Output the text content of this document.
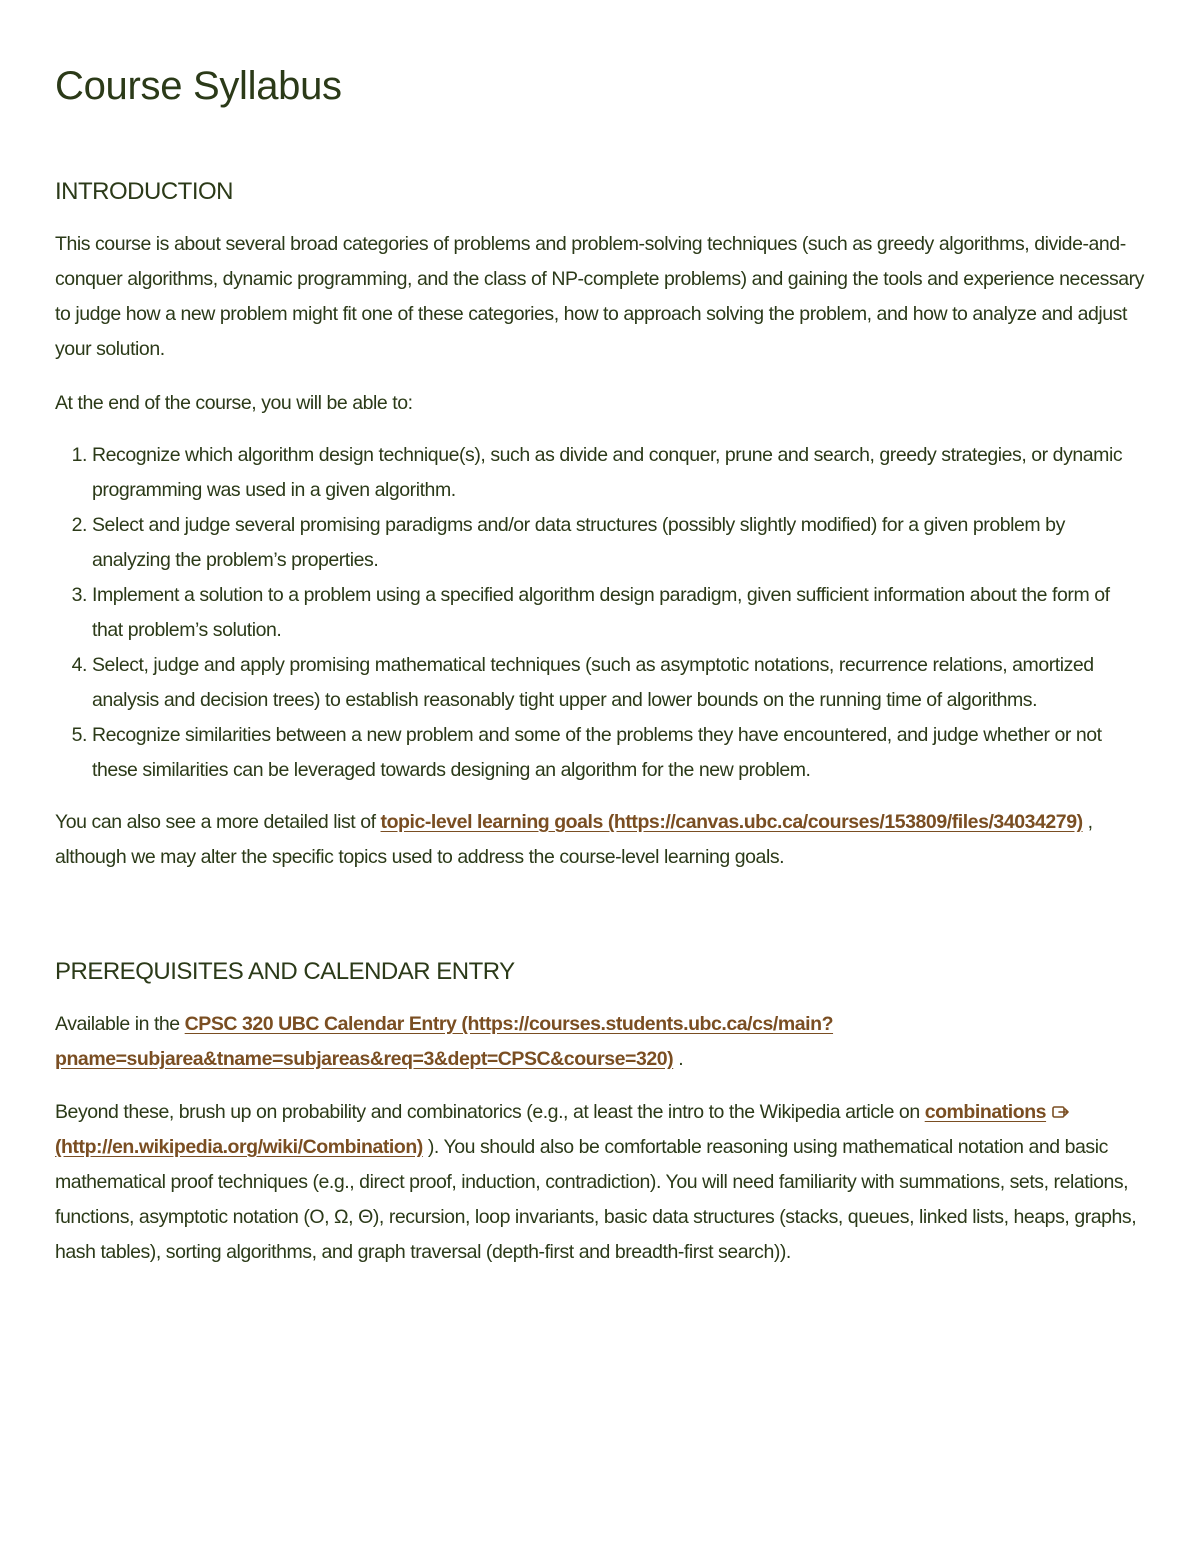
Course Syllabus
INTRODUCTION

This course is about several broad categories of problems and problem-solving techniques (such as greedy algorithms, divide-and-conquer algorithms, dynamic programming, and the class of NP-complete problems) and gaining the tools and experience necessary to judge how a new problem might fit one of these categories, how to approach solving the problem, and how to analyze and adjust your solution.

At the end of the course, you will be able to:

1. Recognize which algorithm design technique(s), such as divide and conquer, prune and search, greedy strategies, or dynamic programming was used in a given algorithm.
2. Select and judge several promising paradigms and/or data structures (possibly slightly modified) for a given problem by analyzing the problem’s properties.
3. Implement a solution to a problem using a specified algorithm design paradigm, given sufficient information about the form of that problem’s solution.
4. Select, judge and apply promising mathematical techniques (such as asymptotic notations, recurrence relations, amortized analysis and decision trees) to establish reasonably tight upper and lower bounds on the running time of algorithms.
5. Recognize similarities between a new problem and some of the problems they have encountered, and judge whether or not these similarities can be leveraged towards designing an algorithm for the new problem.

You can also see a more detailed list of topic-level learning goals (https://canvas.ubc.ca/courses/153809/files/34034279) , although we may alter the specific topics used to address the course-level learning goals.

PREREQUISITES AND CALENDAR ENTRY

Available in the CPSC 320 UBC Calendar Entry (https://courses.students.ubc.ca/cs/main?pname=subjarea&tname=subjareas&req=3&dept=CPSC&course=320) .

Beyond these, brush up on probability and combinatorics (e.g., at least the intro to the Wikipedia article on combinations(http://en.wikipedia.org/wiki/Combination) ). You should also be comfortable reasoning using mathematical notation and basic mathematical proof techniques (e.g., direct proof, induction, contradiction). You will need familiarity with summations, sets, relations, functions, asymptotic notation (O, Ω, Θ), recursion, loop invariants, basic data structures (stacks, queues, linked lists, heaps, graphs, hash tables), sorting algorithms, and graph traversal (depth-first and breadth-first search)).
